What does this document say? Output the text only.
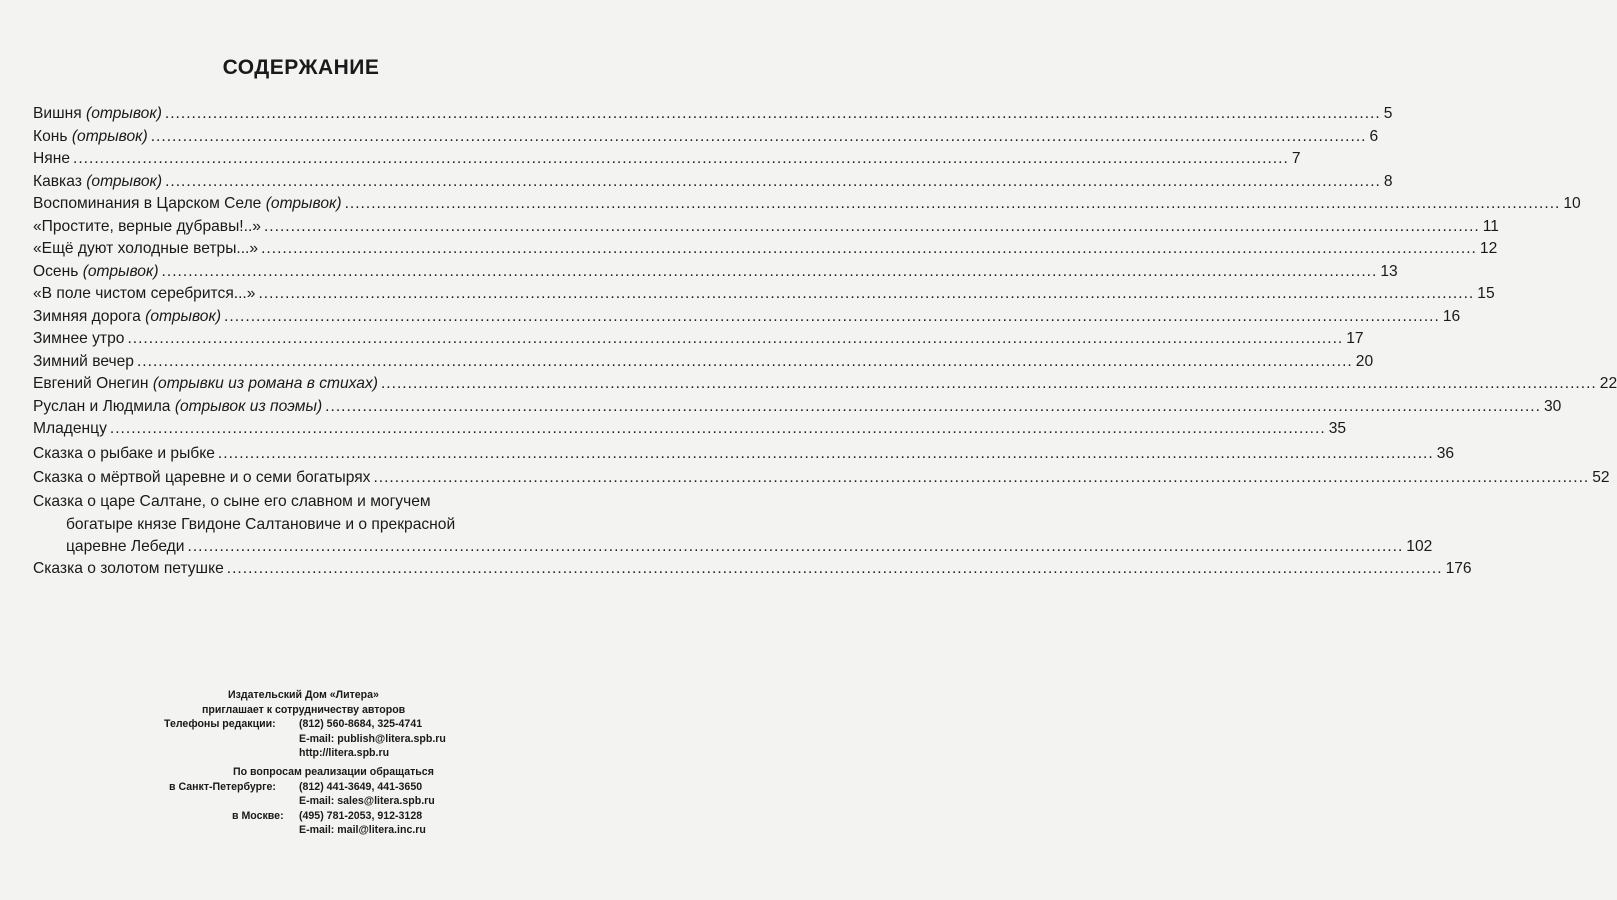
СОДЕРЖАНИЕ
Вишня (отрывок) .....	5
Конь (отрывок) .....	6
Няне .....	7
Кавказ (отрывок) .....	8
Воспоминания в Царском Селе (отрывок) .....	10
«Простите, верные дубравы!..» .....	11
«Ещё дуют холодные ветры...» .....	12
Осень (отрывок) .....	13
«В поле чистом серебрится...» .....	15
Зимняя дорога (отрывок) .....	16
Зимнее утро .....	17
Зимний вечер .....	20
Евгений Онегин (отрывки из романа в стихах) .....	22
Руслан и Людмила (отрывок из поэмы) .....	30
Младенцу .....	35
Сказка о рыбаке и рыбке .....	36
Сказка о мёртвой царевне и о семи богатырях .....	52
Сказка о царе Салтане, о сыне его славном и могучем
богатыре князе Гвидоне Салтановиче и о прекрасной
царевне Лебеди .....	102
Сказка о золотом петушке .....	176
Издательский Дом «Литера»
приглашает к сотрудничеству авторов
Телефоны редакции: (812) 560-8684, 325-4741
E-mail: publish@litera.spb.ru
http://litera.spb.ru
По вопросам реализации обращаться
в Санкт-Петербурге: (812) 441-3649, 441-3650
E-mail: sales@litera.spb.ru
в Москве: (495) 781-2053, 912-3128
E-mail: mail@litera.inc.ru
